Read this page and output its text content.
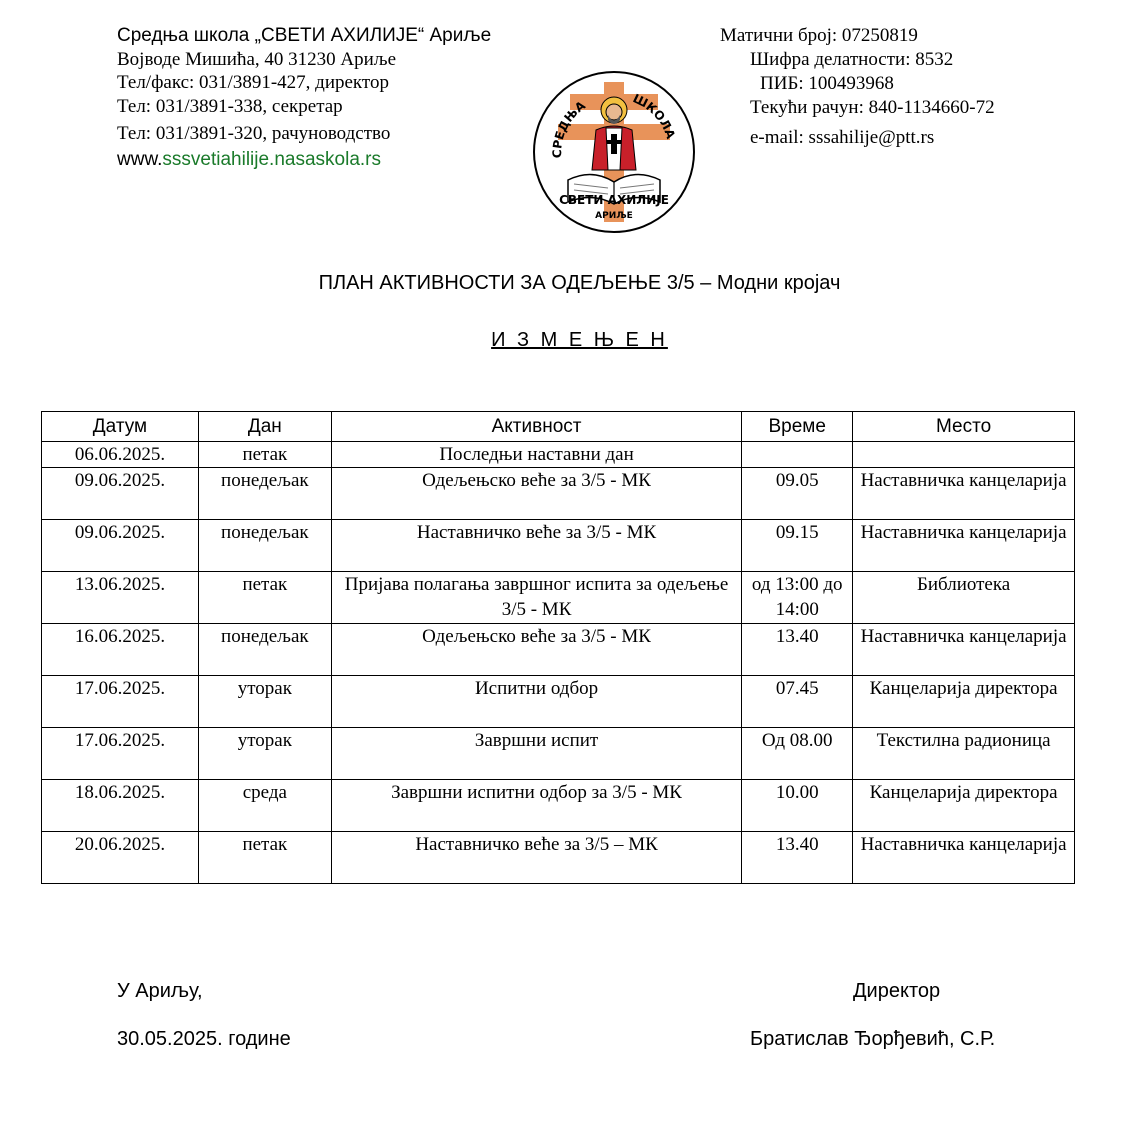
Средња школа „СВЕТИ АХИЛИЈЕ“ Ариље
Војводе Мишића, 40 31230 Ариље
Тел/факс: 031/3891-427, директор
Тел: 031/3891-338, секретар
Тел: 031/3891-320, рачуноводство
www.sssvetiahilije.nasaskola.rs
Матични број: 07250819
Шифра делатности: 8532
ПИБ: 100493968
Текући рачун: 840-1134660-72
e-mail: sssahilije@ptt.rs
СРЕДЊА	ШКОЛА
СВЕТИ АХИЛИЈЕ
АРИЉЕ
ПЛАН АКТИВНОСТИ ЗА ОДЕЉЕЊЕ 3/5 – Модни кројач
И З М Е Њ Е Н
Датум	Дан	Активност	Време	Место
06.06.2025.	петак	Последњи наставни дан		
09.06.2025.	понедељак	Одељењско веће за 3/5 - МК	09.05	Наставничка канцеларија
09.06.2025.	понедељак	Наставничко веће за 3/5 - МК	09.15	Наставничка канцеларија
13.06.2025.	петак	Пријава полагања завршног испита за одељење 3/5 - МК	од 13:00 до 14:00	Библиотека
16.06.2025.	понедељак	Одељењско веће за 3/5 - МК	13.40	Наставничка канцеларија
17.06.2025.	уторак	Испитни одбор	07.45	Канцеларија директора
17.06.2025.	уторак	Завршни испит	Од 08.00	Текстилна радионица
18.06.2025.	среда	Завршни испитни одбор за 3/5 - МК	10.00	Канцеларија директора
20.06.2025.	петак	Наставничко веће за 3/5 – МК	13.40	Наставничка канцеларија
У Ариљу,
30.05.2025. године
Директор
Братислав Ђорђевић, С.Р.
